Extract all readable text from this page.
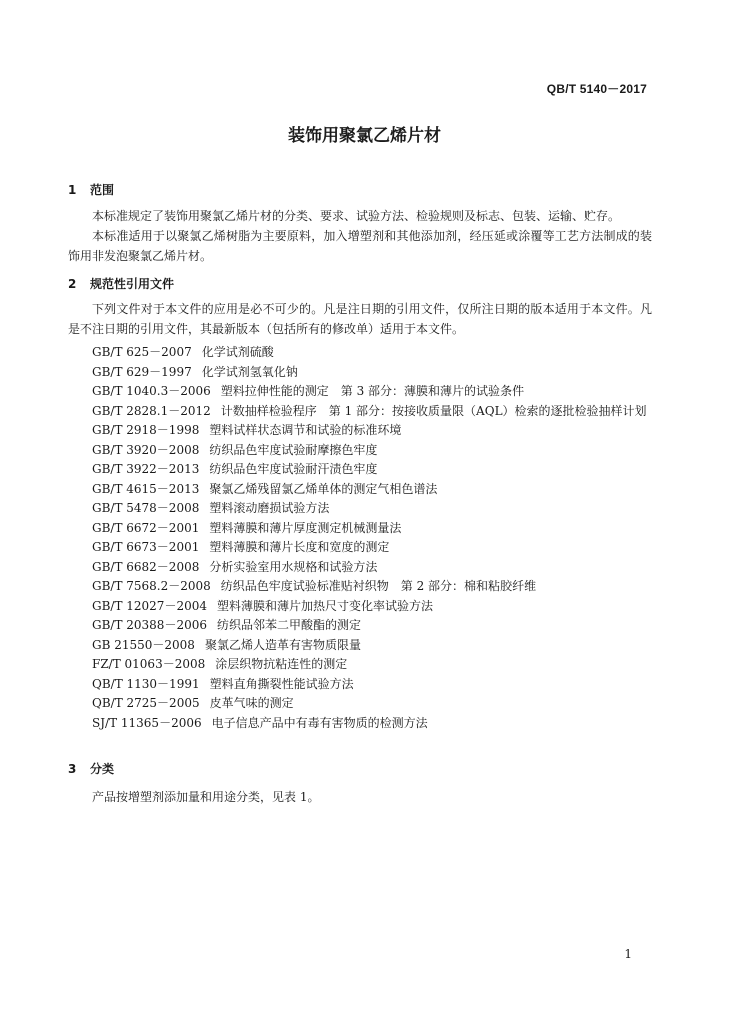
QB/T 5140－2017
装饰用聚氯乙烯片材
1 范围
本标准规定了装饰用聚氯乙烯片材的分类、要求、试验方法、检验规则及标志、包装、运输、贮存。
本标准适用于以聚氯乙烯树脂为主要原料，加入增塑剂和其他添加剂，经压延或涂覆等工艺方法制成的装饰用非发泡聚氯乙烯片材。
2 规范性引用文件
下列文件对于本文件的应用是必不可少的。凡是注日期的引用文件，仅所注日期的版本适用于本文件。凡是不注日期的引用文件，其最新版本（包括所有的修改单）适用于本文件。
GB/T 625－2007 化学试剂硫酸
GB/T 629－1997 化学试剂氢氧化钠
GB/T 1040.3－2006 塑料拉伸性能的测定　第 3 部分：薄膜和薄片的试验条件
GB/T 2828.1－2012 计数抽样检验程序　第 1 部分：按接收质量限（AQL）检索的逐批检验抽样计划
GB/T 2918－1998 塑料试样状态调节和试验的标准环境
GB/T 3920－2008 纺织品色牢度试验耐摩擦色牢度
GB/T 3922－2013 纺织品色牢度试验耐汗渍色牢度
GB/T 4615－2013 聚氯乙烯残留氯乙烯单体的测定气相色谱法
GB/T 5478－2008 塑料滚动磨损试验方法
GB/T 6672－2001 塑料薄膜和薄片厚度测定机械测量法
GB/T 6673－2001 塑料薄膜和薄片长度和宽度的测定
GB/T 6682－2008 分析实验室用水规格和试验方法
GB/T 7568.2－2008 纺织品色牢度试验标准贴衬织物　第 2 部分：棉和粘胶纤维
GB/T 12027－2004 塑料薄膜和薄片加热尺寸变化率试验方法
GB/T 20388－2006 纺织品邻苯二甲酸酯的测定
GB 21550－2008 聚氯乙烯人造革有害物质限量
FZ/T 01063－2008 涂层织物抗粘连性的测定
QB/T 1130－1991 塑料直角撕裂性能试验方法
QB/T 2725－2005 皮革气味的测定
SJ/T 11365－2006 电子信息产品中有毒有害物质的检测方法
3 分类
产品按增塑剂添加量和用途分类，见表 1。
1
